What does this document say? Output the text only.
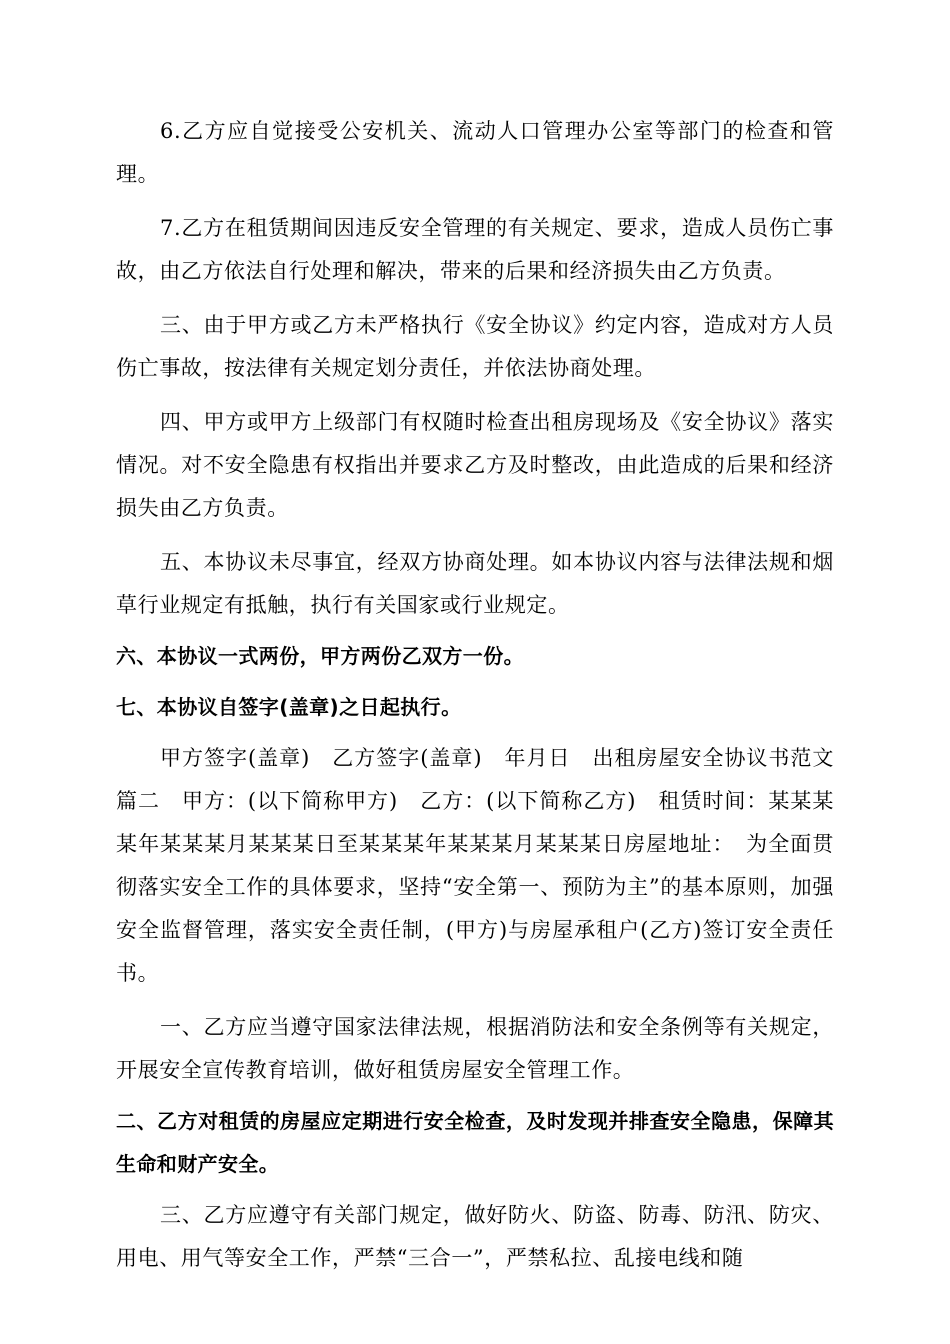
6.乙方应自觉接受公安机关、流动人口管理办公室等部门的检查和管理。

7.乙方在租赁期间因违反安全管理的有关规定、要求，造成人员伤亡事故，由乙方依法自行处理和解决，带来的后果和经济损失由乙方负责。

三、由于甲方或乙方未严格执行《安全协议》约定内容，造成对方人员伤亡事故，按法律有关规定划分责任，并依法协商处理。

四、甲方或甲方上级部门有权随时检查出租房现场及《安全协议》落实情况。对不安全隐患有权指出并要求乙方及时整改，由此造成的后果和经济损失由乙方负责。

五、本协议未尽事宜，经双方协商处理。如本协议内容与法律法规和烟草行业规定有抵触，执行有关国家或行业规定。

六、本协议一式两份，甲方两份乙双方一份。

七、本协议自签字(盖章)之日起执行。

甲方签字(盖章)　乙方签字(盖章)　年月日　出租房屋安全协议书范文篇二　甲方：(以下简称甲方)　乙方：(以下简称乙方)　租赁时间：某某某某年某某某月某某某日至某某某年某某某月某某某日房屋地址：　为全面贯彻落实安全工作的具体要求，坚持“安全第一、预防为主”的基本原则，加强安全监督管理，落实安全责任制，(甲方)与房屋承租户(乙方)签订安全责任书。

一、乙方应当遵守国家法律法规，根据消防法和安全条例等有关规定，开展安全宣传教育培训，做好租赁房屋安全管理工作。

二、乙方对租赁的房屋应定期进行安全检查，及时发现并排查安全隐患，保障其生命和财产安全。

三、乙方应遵守有关部门规定，做好防火、防盗、防毒、防汛、防灾、用电、用气等安全工作，严禁“三合一”，严禁私拉、乱接电线和随
